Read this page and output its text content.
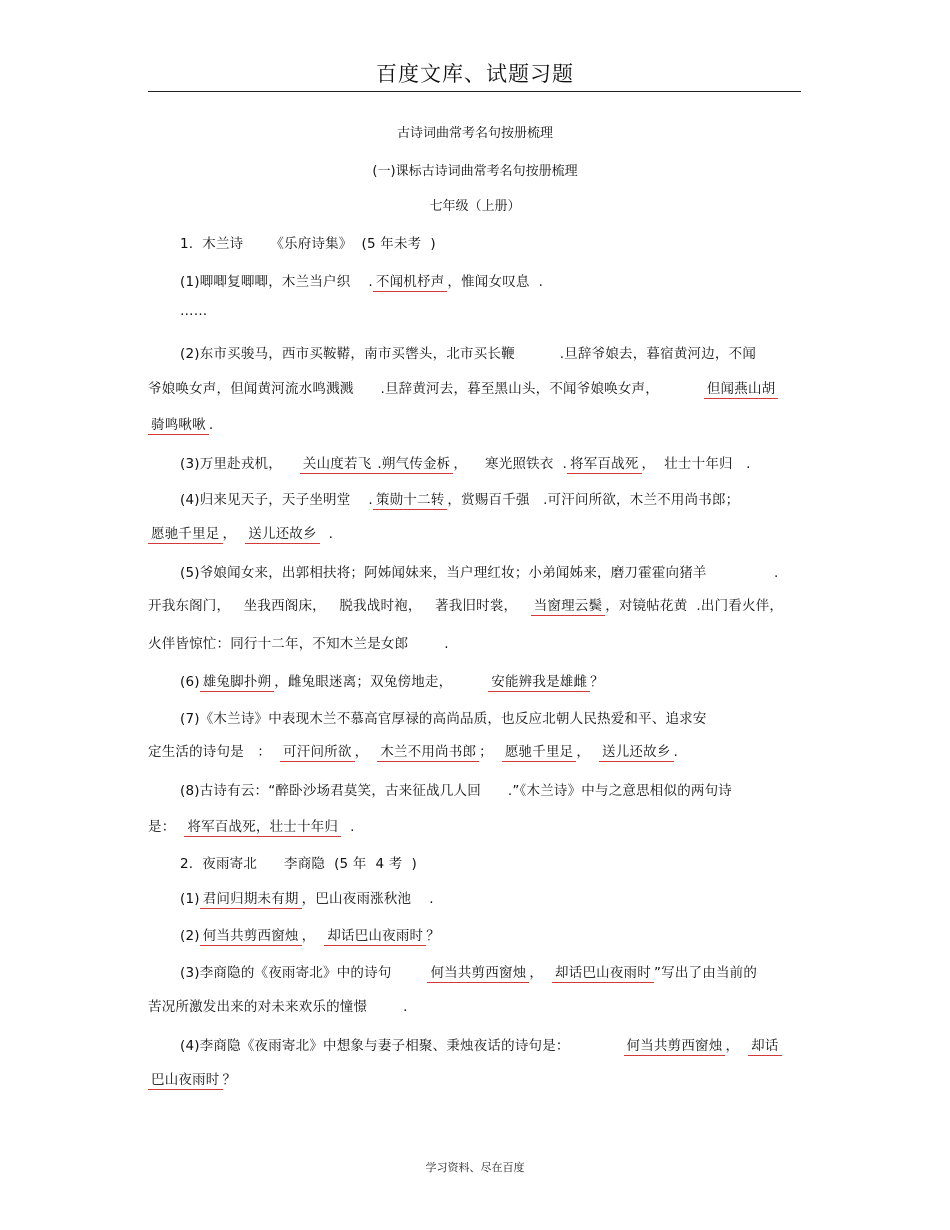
百度文库、试题习题
古诗词曲常考名句按册梳理
(一)课标古诗词曲常考名句按册梳理
七年级（上册）
1.  木兰诗      《乐府诗集》  (5 年未考  )
(1)唧唧复唧唧，木兰当户织    . 不闻机杼声 ，惟闻女叹息  .
……
(2)东市买骏马，西市买鞍鞯，南市买辔头，北市买长鞭          .旦辞爷娘去，暮宿黄河边，不闻
爷娘唤女声，但闻黄河流水鸣溅溅      .旦辞黄河去，暮至黑山头，不闻爷娘唤女声，          但闻燕山胡
骑鸣啾啾 .
(3)万里赴戎机，    关山度若飞 .朔气传金柝 ，    寒光照铁衣  . 将军百战死 ，  壮士十年归   .
(4)归来见天子，天子坐明堂    . 策勋十二转 ，赏赐百千强   .可汗问所欲，木兰不用尚书郎；
愿驰千里足 ，  送儿还故乡  .
(5)爷娘闻女来，出郭相扶将；阿姊闻妹来，当户理红妆；小弟闻姊来，磨刀霍霍向猪羊               .
开我东阁门，   坐我西阁床，   脱我战时袍，   著我旧时裳，   当窗理云鬓 ，对镜帖花黄  .出门看火伴，
火伴皆惊忙：同行十二年，不知木兰是女郎        .
(6) 雄兔脚扑朔 ，雌兔眼迷离；双兔傍地走，        安能辨我是雄雌 ？
(7)《木兰诗》中表现木兰不慕高官厚禄的高尚品质，也反应北朝人民热爱和平、追求安
定生活的诗句是   ：  可汗问所欲 ，  木兰不用尚书郎 ；  愿驰千里足 ，  送儿还故乡 .
(8)古诗有云：“醉卧沙场君莫笑，古来征战几人回      .”《木兰诗》中与之意思相似的两句诗
是：  将军百战死，壮士十年归  .
2.  夜雨寄北      李商隐  (5 年  4 考  )
(1) 君问归期未有期 ，巴山夜雨涨秋池    .
(2) 何当共剪西窗烛 ，  却话巴山夜雨时 ？
(3)李商隐的《夜雨寄北》中的诗句        何当共剪西窗烛 ，  却话巴山夜雨时 ”写出了由当前的
苦况所激发出来的对未来欢乐的憧憬        .
(4)李商隐《夜雨寄北》中想象与妻子相聚、秉烛夜话的诗句是：            何当共剪西窗烛 ，  却话
巴山夜雨时 ？
学习资料、尽在百度
